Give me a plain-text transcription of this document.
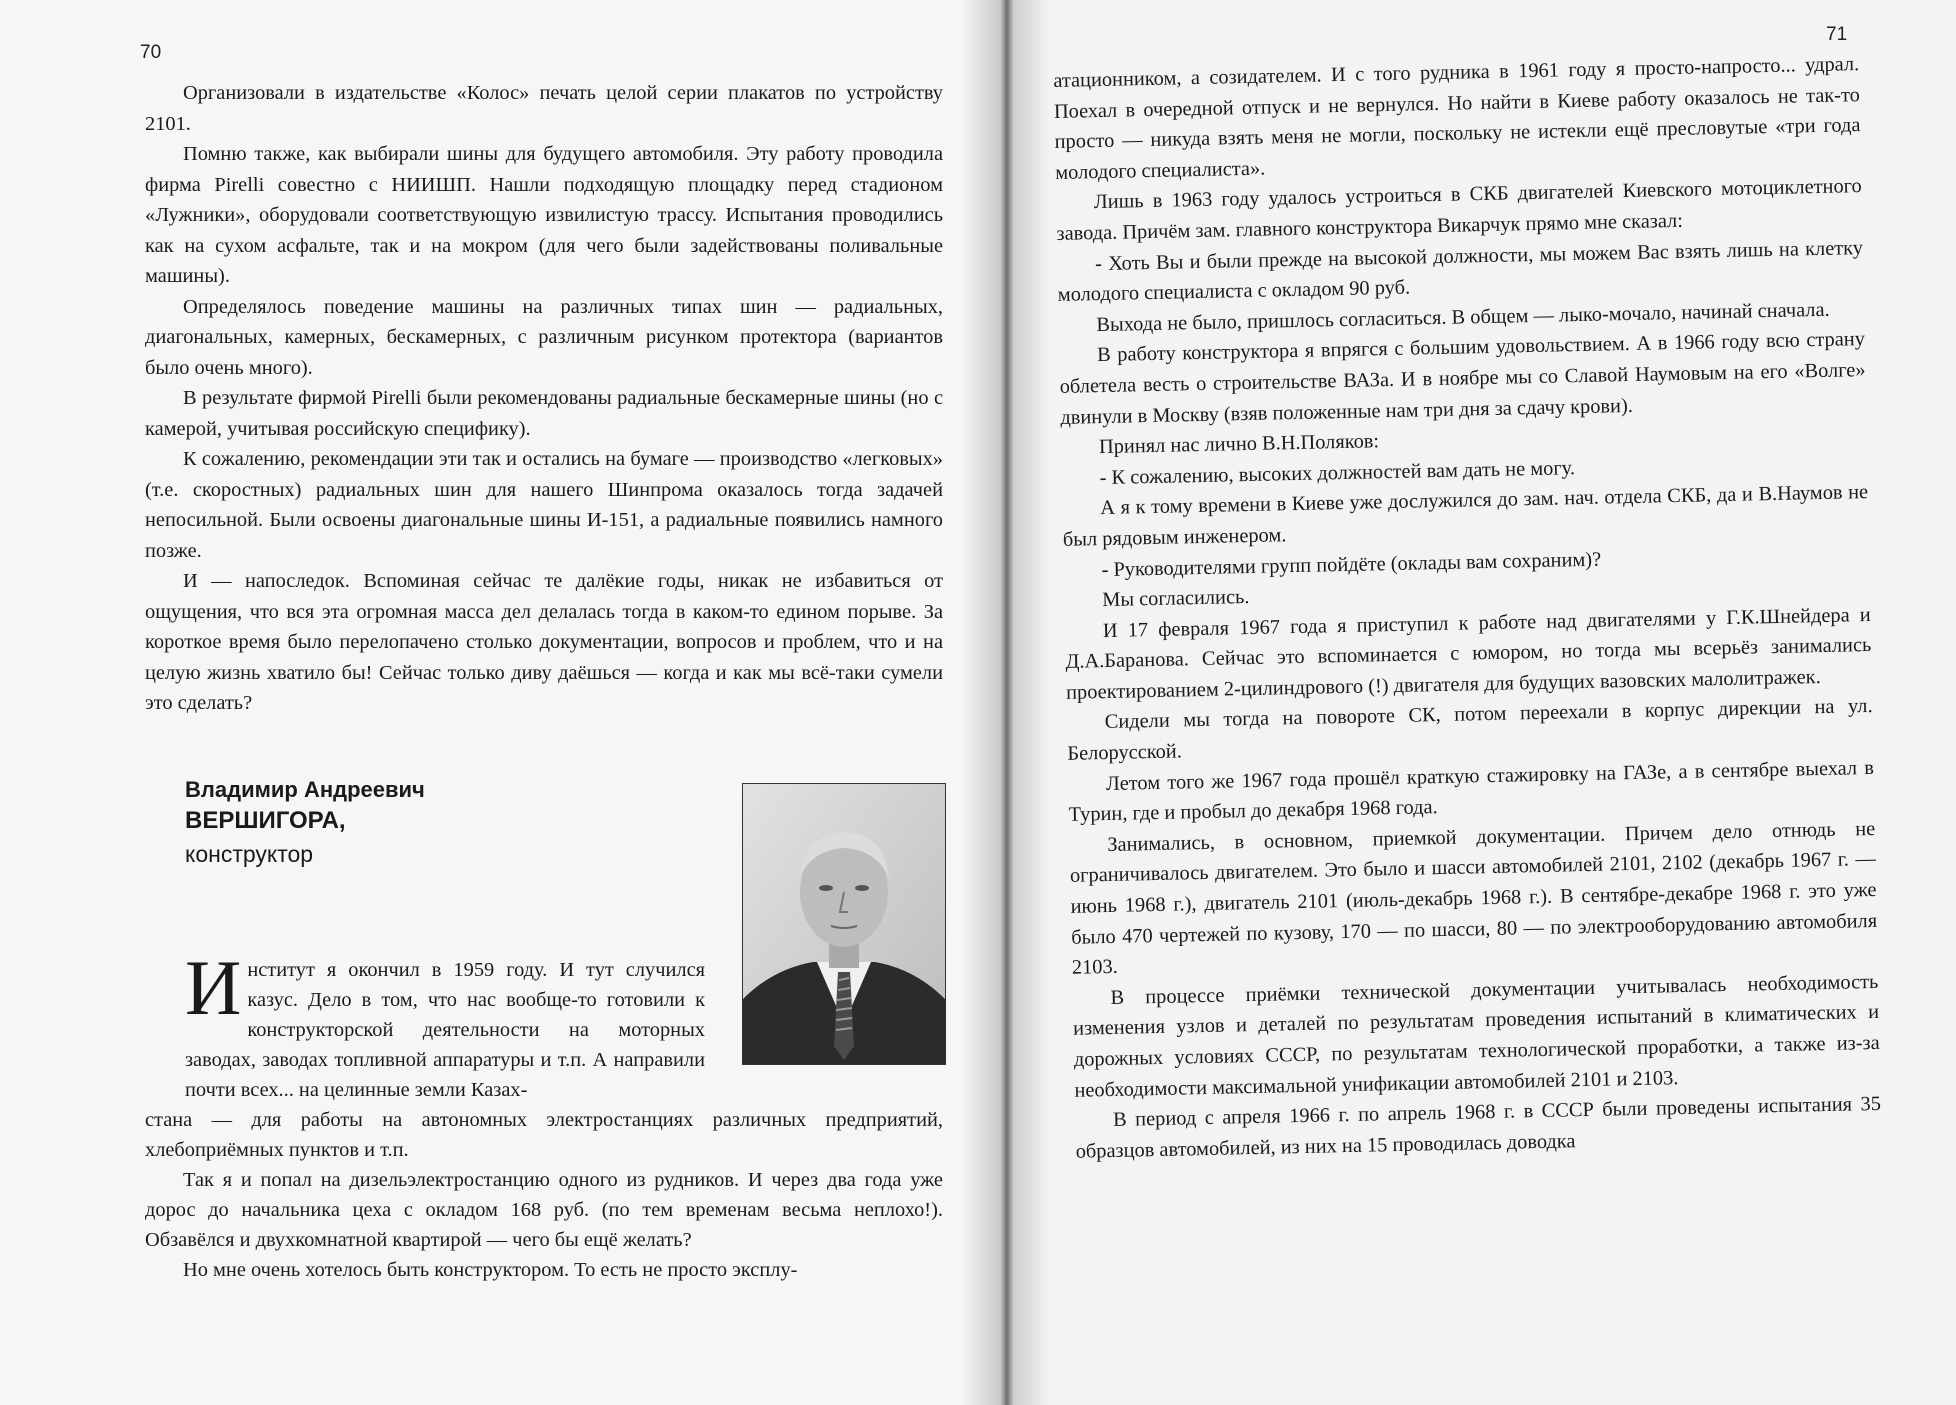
70

Организовали в издательстве «Колос» печать целой серии плакатов по устройству 2101.

Помню также, как выбирали шины для будущего автомобиля. Эту работу проводила фирма Pirelli совестно с НИИШП. Нашли подходящую площадку перед стадионом «Лужники», оборудовали соответствующую извилистую трассу. Испытания проводились как на сухом асфальте, так и на мокром (для чего были задействованы поливальные машины).

Определялось поведение машины на различных типах шин — радиальных, диагональных, камерных, бескамерных, с различным рисунком протектора (вариантов было очень много).

В результате фирмой Pirelli были рекомендованы радиальные бескамерные шины (но с камерой, учитывая российскую специфику).

К сожалению, рекомендации эти так и остались на бумаге — производство «легковых» (т.е. скоростных) радиальных шин для нашего Шинпрома оказалось тогда задачей непосильной. Были освоены диагональные шины И-151, а радиальные появились намного позже.

И — напоследок. Вспоминая сейчас те далёкие годы, никак не избавиться от ощущения, что вся эта огромная масса дел делалась тогда в каком-то едином порыве. За короткое время было перелопачено столько документации, вопросов и проблем, что и на целую жизнь хватило бы! Сейчас только диву даёшься — когда и как мы всё-таки сумели это сделать?

Владимир Андреевич
ВЕРШИГОРА,
конструктор
Институт я окончил в 1959 году. И тут случился казус. Дело в том, что нас вообще-то готовили к конструкторской деятельности на моторных заводах, заводах топливной аппаратуры и т.п. А направили почти всех... на целинные земли Казах-

стана — для работы на автономных электростанциях различных предприятий, хлебоприёмных пунктов и т.п.

Так я и попал на дизельэлектростанцию одного из рудников. И через два года уже дорос до начальника цеха с окладом 168 руб. (по тем временам весьма неплохо!). Обзавёлся и двухкомнатной квартирой — чего бы ещё желать?

Но мне очень хотелось быть конструктором. То есть не просто эксплу-

71

атационником, а созидателем. И с того рудника в 1961 году я просто-напросто... удрал. Поехал в очередной отпуск и не вернулся. Но найти в Киеве работу оказалось не так-то просто — никуда взять меня не могли, поскольку не истекли ещё пресловутые «три года молодого специалиста».

Лишь в 1963 году удалось устроиться в СКБ двигателей Киевского мотоциклетного завода. Причём зам. главного конструктора Викарчук прямо мне сказал:

- Хоть Вы и были прежде на высокой должности, мы можем Вас взять лишь на клетку молодого специалиста с окладом 90 руб.

Выхода не было, пришлось согласиться. В общем — лыко-мочало, начинай сначала.

В работу конструктора я впрягся с большим удовольствием. А в 1966 году всю страну облетела весть о строительстве ВАЗа. И в ноябре мы со Славой Наумовым на его «Волге» двинули в Москву (взяв положенные нам три дня за сдачу крови).

Принял нас лично В.Н.Поляков:

- К сожалению, высоких должностей вам дать не могу.

А я к тому времени в Киеве уже дослужился до зам. нач. отдела СКБ, да и В.Наумов не был рядовым инженером.

- Руководителями групп пойдёте (оклады вам сохраним)?

Мы согласились.

И 17 февраля 1967 года я приступил к работе над двигателями у Г.К.Шнейдера и Д.А.Баранова. Сейчас это вспоминается с юмором, но тогда мы всерьёз занимались проектированием 2-цилиндрового (!) двигателя для будущих вазовских малолитражек.

Сидели мы тогда на повороте СК, потом переехали в корпус дирекции на ул. Белорусской.

Летом того же 1967 года прошёл краткую стажировку на ГАЗе, а в сентябре выехал в Турин, где и пробыл до декабря 1968 года.

Занимались, в основном, приемкой документации. Причем дело отнюдь не ограничивалось двигателем. Это было и шасси автомобилей 2101, 2102 (декабрь 1967 г. — июнь 1968 г.), двигатель 2101 (июль-декабрь 1968 г.). В сентябре-декабре 1968 г. это уже было 470 чертежей по кузову, 170 — по шасси, 80 — по электрооборудованию автомобиля 2103.

В процессе приёмки технической документации учитывалась необходимость изменения узлов и деталей по результатам проведения испытаний в климатических и дорожных условиях СССР, по результатам технологической проработки, а также из-за необходимости максимальной унификации автомобилей 2101 и 2103.

В период с апреля 1966 г. по апрель 1968 г. в СССР были проведены испытания 35 образцов автомобилей, из них на 15 проводилась доводка
